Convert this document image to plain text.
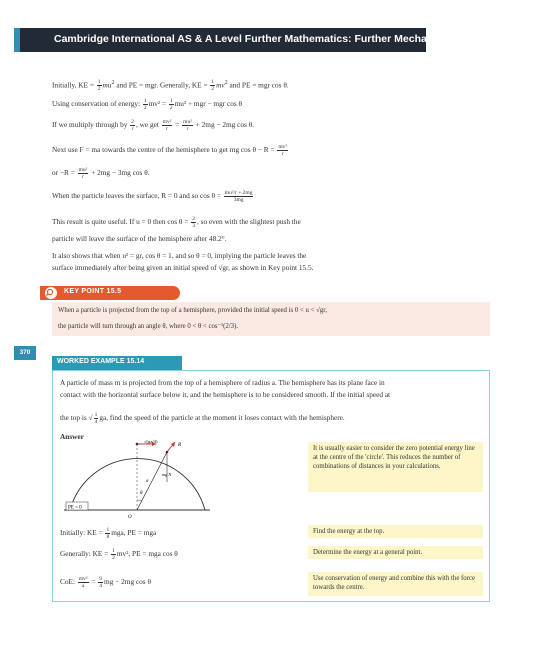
Cambridge International AS & A Level Further Mathematics: Further Mechanics
Initially, KE = $\frac{1}{2} mu^2$ and PE = mgr. Generally, KE = $\frac{1}{2} mv^2$ and PE = mgr cos θ.
Using conservation of energy: $\frac{1}{2} mv^2 = \frac{1}{2} mu^2$ + mgr − mgr cos θ
If we multiply through by $\frac{2}{r}$ , we get $\frac{\text{mv²}}{r} = \frac{\text{mu²}}{r} + 2mg - 2mg$ cos θ.
Next use F = ma towards the centre of the hemisphere to get mg $\cos \theta - R = \frac{\text{mv²}}{r}$
or $-R = \frac{\text{mu²}}{r} + 2mg - 3mg$ cos θ.
When the particle leaves the surface, R = 0 and so $\cos \theta = \frac{\text{mu²/r + 2mg}}{3mg}$
This result is quite useful. If u = 0 then $\cos \theta = \frac{2}{3}$ , so even with the slightest push the
particle will leave the surface of the hemisphere after 48.2°.
It also shows that when u² = gr, cos θ = 1, and so θ = 0, implying the particle leaves the
surface immediately after being given an initial speed of √gr, as shown in Key point 15.5.
KEY POINT 15.5
When a particle is projected from the top of a hemisphere, provided the initial speed is 0 < u < √gr,
the particle will turn through an angle θ, where 0 < θ < cos⁻¹(2/3).
370
WORKED EXAMPLE 15.14
A particle of mass m is projected from the top of a hemisphere of radius a. The hemisphere has its plane face in
contact with the horizontal surface below it, and the hemisphere is to be considered smooth. If the initial speed at
the top is √ $\frac{1}{4}$ ga, find the speed of the particle at the moment it loses contact with the hemisphere.
Answer
PE = 0
√(ga/4)
R
θ
mg N
a
O
It is usually easier to consider the zero potential energy line at the centre of the 'circle'. This reduces the number of combinations of distances in your calculations.
Find the energy at the top.
Determine the energy at a general point.
Use conservation of energy and combine this with the force towards the centre.
Initially: KE = $\frac{1}{8}$ mga, PE = mga
Generally: KE = $\frac{1}{2} mv^2$, PE = mga cos θ
CoE: $\frac{\text{mv²}}{a} = \frac{9}{4}$ mg − 2mg cos θ
